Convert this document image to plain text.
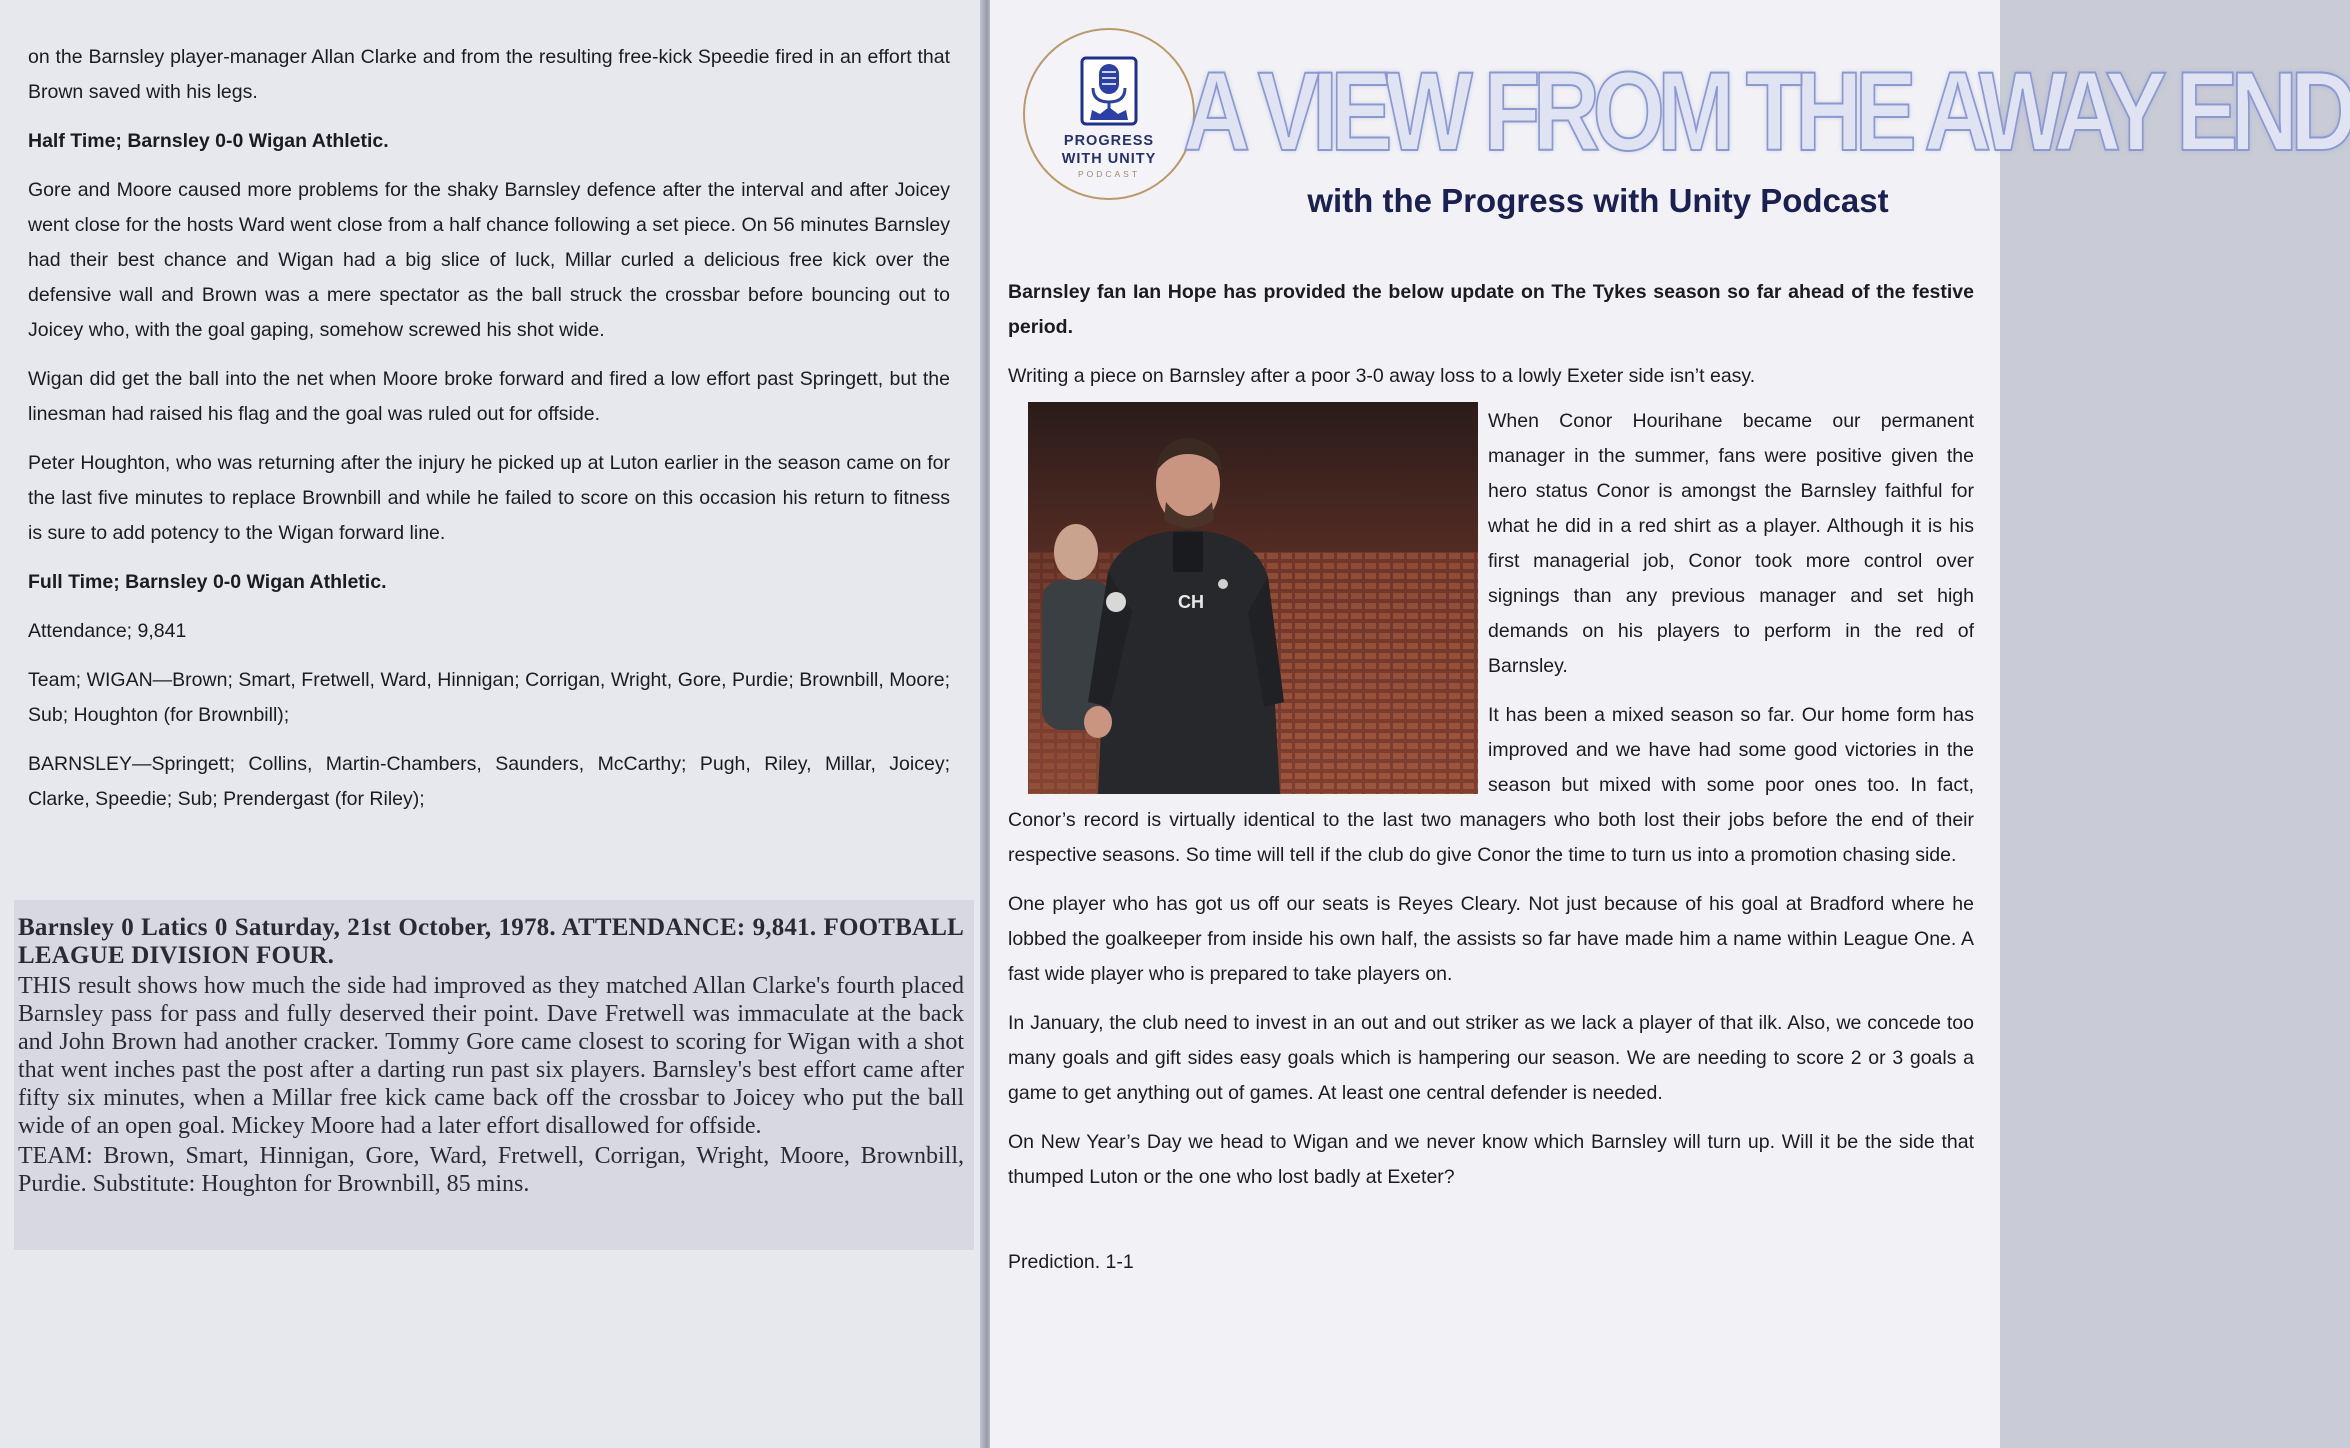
on the Barnsley player-manager Allan Clarke and from the resulting free-kick Speedie fired in an effort that Brown saved with his legs.

Half Time; Barnsley 0-0 Wigan Athletic.

Gore and Moore caused more problems for the shaky Barnsley defence after the interval and after Joicey went close for the hosts Ward went close from a half chance following a set piece. On 56 minutes Barnsley had their best chance and Wigan had a big slice of luck, Millar curled a delicious free kick over the defensive wall and Brown was a mere spectator as the ball struck the crossbar before bouncing out to Joicey who, with the goal gaping, somehow screwed his shot wide.

Wigan did get the ball into the net when Moore broke forward and fired a low effort past Springett, but the linesman had raised his flag and the goal was ruled out for offside.

Peter Houghton, who was returning after the injury he picked up at Luton earlier in the season came on for the last five minutes to replace Brownbill and while he failed to score on this occasion his return to fitness is sure to add potency to the Wigan forward line.

Full Time; Barnsley 0-0 Wigan Athletic.

Attendance; 9,841

Team; WIGAN—Brown; Smart, Fretwell, Ward, Hinnigan; Corrigan, Wright, Gore, Purdie; Brownbill, Moore; Sub; Houghton (for Brownbill);

BARNSLEY—Springett; Collins, Martin-Chambers, Saunders, McCarthy; Pugh, Riley, Millar, Joicey; Clarke, Speedie; Sub; Prendergast (for Riley);

Barnsley 0 Latics 0 Saturday, 21st October, 1978. ATTENDANCE: 9,841. FOOTBALL LEAGUE DIVISION FOUR.
THIS result shows how much the side had improved as they matched Allan Clarke's fourth placed Barnsley pass for pass and fully deserved their point. Dave Fretwell was immaculate at the back and John Brown had another cracker. Tommy Gore came closest to scoring for Wigan with a shot that went inches past the post after a darting run past six players. Barnsley's best effort came after fifty six minutes, when a Millar free kick came back off the crossbar to Joicey who put the ball wide of an open goal. Mickey Moore had a later effort disallowed for offside.
TEAM: Brown, Smart, Hinnigan, Gore, Ward, Fretwell, Corrigan, Wright, Moore, Brownbill, Purdie. Substitute: Houghton for Brownbill, 85 mins.
PROGRESS
WITH UNITY
PODCAST A VIEW FROM THE AWAY END
with the Progress with Unity Podcast

Barnsley fan Ian Hope has provided the below update on The Tykes season so far ahead of the festive period.

Writing a piece on Barnsley after a poor 3-0 away loss to a lowly Exeter side isn’t easy.

CH

When Conor Hourihane became our permanent manager in the summer, fans were positive given the hero status Conor is amongst the Barnsley faithful for what he did in a red shirt as a player. Although it is his first managerial job, Conor took more control over signings than any previous manager and set high demands on his players to perform in the red of Barnsley.

It has been a mixed season so far. Our home form has improved and we have had some good victories in the season but mixed with some poor ones too. In fact, Conor’s record is virtually identical to the last two managers who both lost their jobs before the end of their respective seasons. So time will tell if the club do give Conor the time to turn us into a promotion chasing side.

One player who has got us off our seats is Reyes Cleary. Not just because of his goal at Bradford where he lobbed the goalkeeper from inside his own half, the assists so far have made him a name within League One. A fast wide player who is prepared to take players on.

In January, the club need to invest in an out and out striker as we lack a player of that ilk. Also, we concede too many goals and gift sides easy goals which is hampering our season. We are needing to score 2 or 3 goals a game to get anything out of games. At least one central defender is needed.

On New Year’s Day we head to Wigan and we never know which Barnsley will turn up. Will it be the side that thumped Luton or the one who lost badly at Exeter?

Prediction. 1-1
